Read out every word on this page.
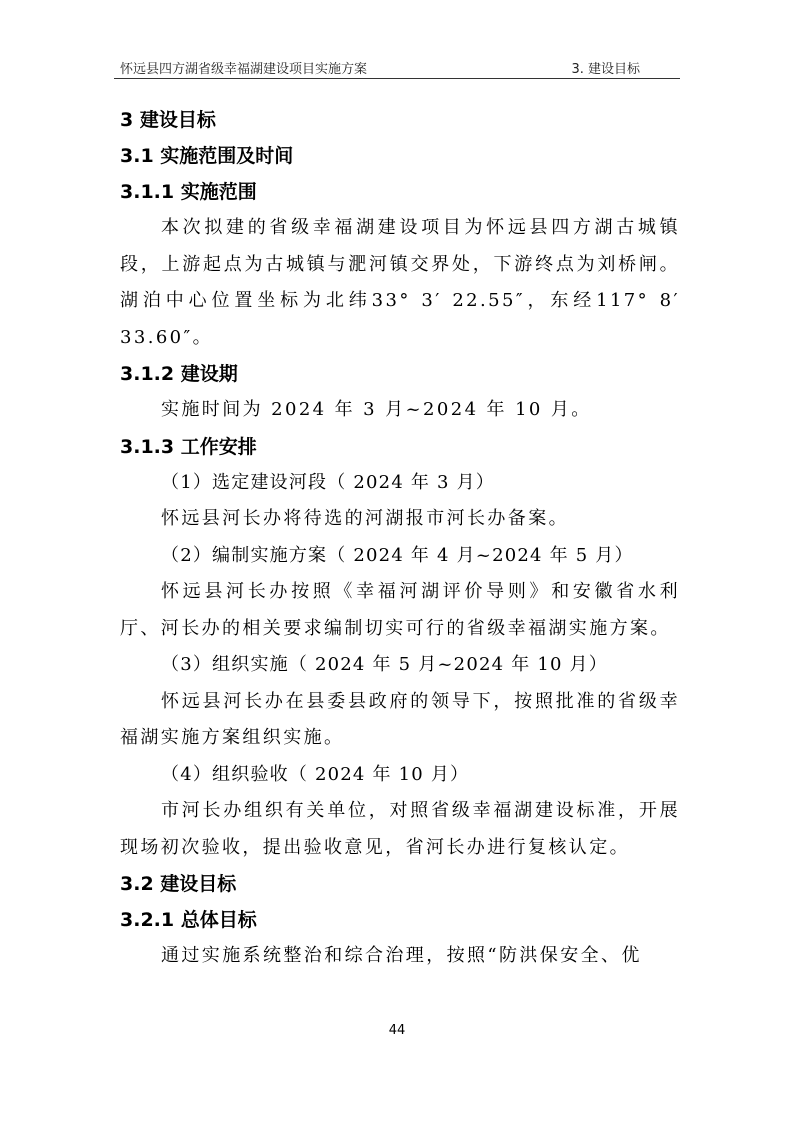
怀远县四方湖省级幸福湖建设项目实施方案	3. 建设目标
3 建设目标
3.1 实施范围及时间
3.1.1 实施范围
本次拟建的省级幸福湖建设项目为怀远县四方湖古城镇段，上游起点为古城镇与淝河镇交界处，下游终点为刘桥闸。湖泊中心位置坐标为北纬33° 3′ 22.55″，东经117° 8′ 33.60″。
3.1.2 建设期
实施时间为 2024 年 3 月~2024 年 10 月。
3.1.3 工作安排
（1）选定建设河段（ 2024 年 3 月）
怀远县河长办将待选的河湖报市河长办备案。
（2）编制实施方案（ 2024 年 4 月~2024 年 5 月）
怀远县河长办按照《幸福河湖评价导则》和安徽省水利厅、河长办的相关要求编制切实可行的省级幸福湖实施方案。
（3）组织实施（ 2024 年 5 月~2024 年 10 月）
怀远县河长办在县委县政府的领导下，按照批准的省级幸福湖实施方案组织实施。
（4）组织验收（ 2024 年 10 月）
市河长办组织有关单位，对照省级幸福湖建设标准，开展现场初次验收，提出验收意见，省河长办进行复核认定。
3.2 建设目标
3.2.1 总体目标
通过实施系统整治和综合治理，按照“防洪保安全、优
44
